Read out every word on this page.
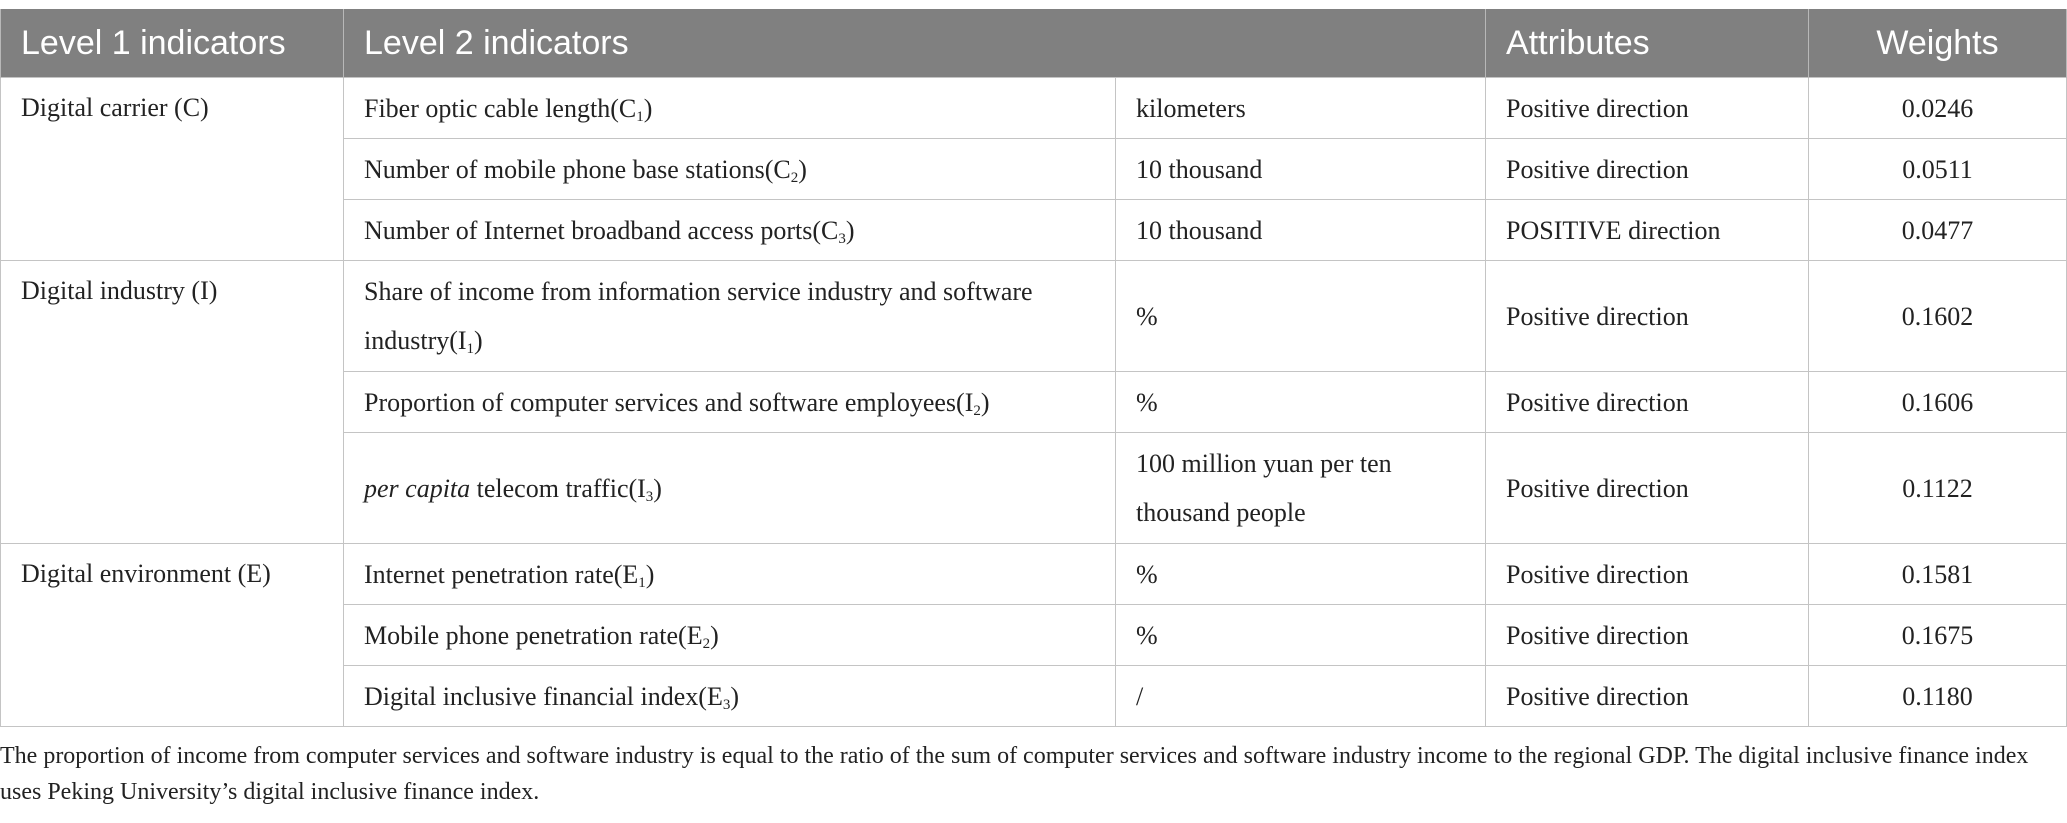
Level 1 indicators	Level 2 indicators		Attributes	Weights
Digital carrier (C)	Fiber optic cable $length(C_1)$	kilometers	Positive direction	0.0246
	Number of mobile phone base $stations(C_2)$	10 thousand	Positive direction	0.0511
	Number of Internet broadband access $ports(C_3)$	10 thousand	POSITIVE direction	0.0477
Digital industry (I)	Share of income from information service industry and software $industry(I_1)$	%	Positive direction	0.1602
	Proportion of computer services and software $employees(I_2)$	%	Positive direction	0.1606
	per capita telecom $traffic(I_3)$	100 million yuan per ten thousand people	Positive direction	0.1122
Digital environment (E)	Internet penetration $rate(E_1)$	%	Positive direction	0.1581
	Mobile phone penetration $rate(E_2)$	%	Positive direction	0.1675
	Digital inclusive financial $index(E_3)$	/	Positive direction	0.1180
The proportion of income from computer services and software industry is equal to the ratio of the sum of computer services and software industry income to the regional GDP. The digital inclusive finance index uses Peking University’s digital inclusive finance index.
